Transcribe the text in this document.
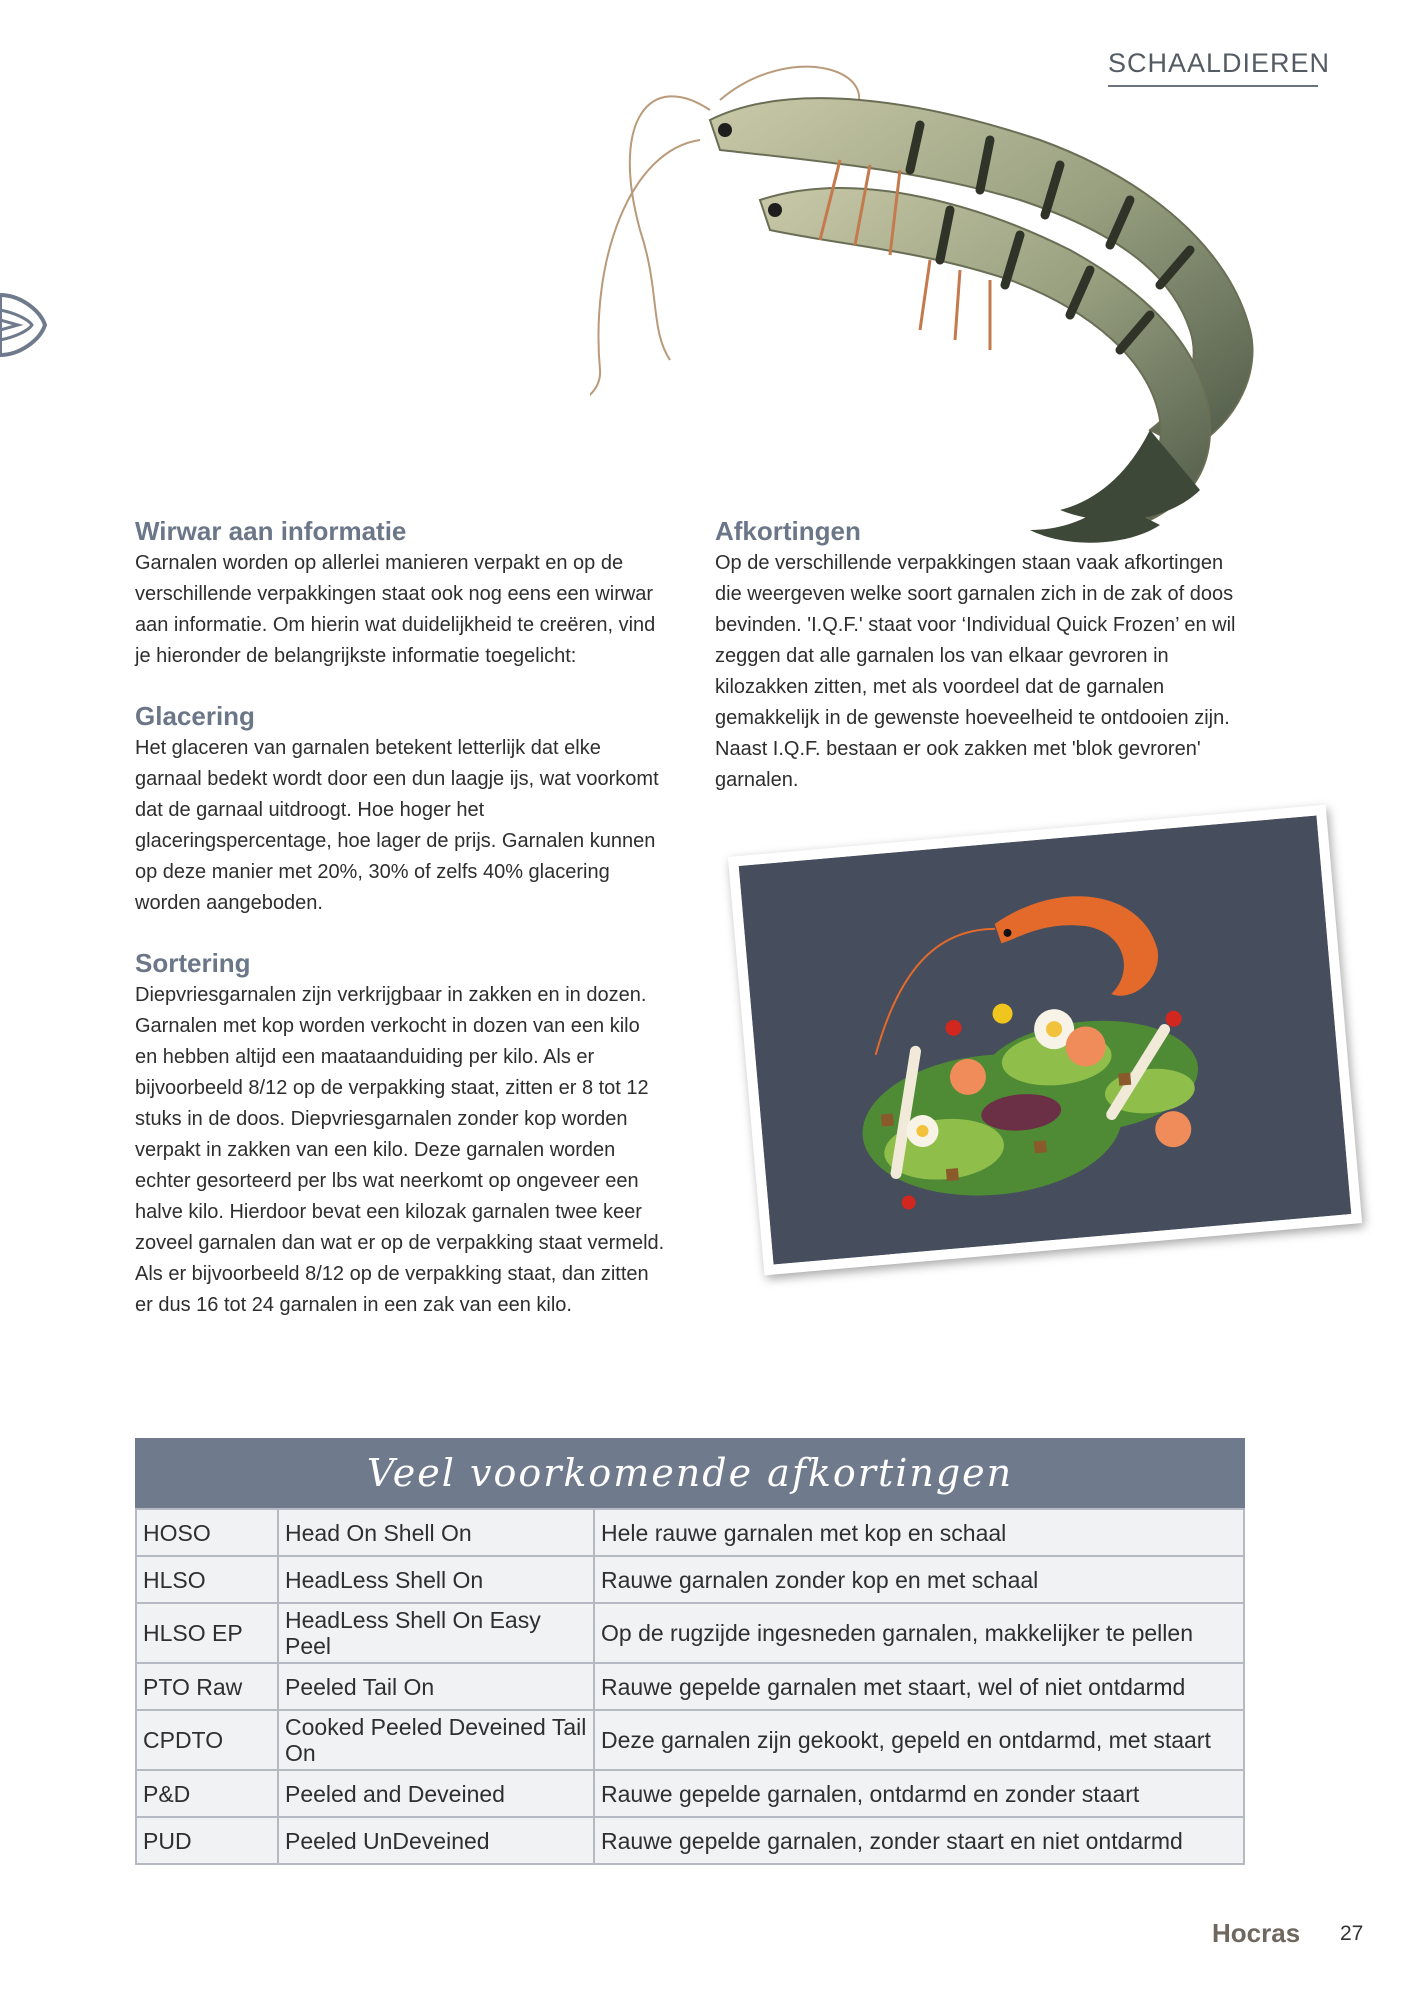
SCHAALDIEREN
Wirwar aan informatie

Garnalen worden op allerlei manieren verpakt en op de verschillende verpakkingen staat ook nog eens een wirwar aan informatie. Om hierin wat duidelijkheid te creëren, vind je hieronder de belangrijkste informatie toegelicht:

Glacering

Het glaceren van garnalen betekent letterlijk dat elke garnaal bedekt wordt door een dun laagje ijs, wat voorkomt dat de garnaal uitdroogt. Hoe hoger het glaceringspercentage, hoe lager de prijs. Garnalen kunnen op deze manier met 20%, 30% of zelfs 40% glacering worden aangeboden.

Sortering

Diepvriesgarnalen zijn verkrijgbaar in zakken en in dozen. Garnalen met kop worden verkocht in dozen van een kilo en hebben altijd een maataanduiding per kilo. Als er bijvoorbeeld 8/12 op de verpakking staat, zitten er 8 tot 12 stuks in de doos. Diepvriesgarnalen zonder kop worden verpakt in zakken van een kilo. Deze garnalen worden echter gesorteerd per lbs wat neerkomt op ongeveer een halve kilo. Hierdoor bevat een kilozak garnalen twee keer zoveel garnalen dan wat er op de verpakking staat vermeld. Als er bijvoorbeeld 8/12 op de verpakking staat, dan zitten er dus 16 tot 24 garnalen in een zak van een kilo.

Afkortingen

Op de verschillende verpakkingen staan vaak afkortingen die weergeven welke soort garnalen zich in de zak of doos bevinden. 'I.Q.F.' staat voor ‘Individual Quick Frozen’ en wil zeggen dat alle garnalen los van elkaar gevroren in kilozakken zitten, met als voordeel dat de garnalen gemakkelijk in de gewenste hoeveelheid te ontdooien zijn. Naast I.Q.F. bestaan er ook zakken met 'blok gevroren' garnalen.

Veel voorkomende afkortingen
HOSO	Head On Shell On	Hele rauwe garnalen met kop en schaal
HLSO	HeadLess Shell On	Rauwe garnalen zonder kop en met schaal
HLSO EP	HeadLess Shell On Easy Peel	Op de rugzijde ingesneden garnalen, makkelijker te pellen
PTO Raw	Peeled Tail On	Rauwe gepelde garnalen met staart, wel of niet ontdarmd
CPDTO	Cooked Peeled Deveined Tail On	Deze garnalen zijn gekookt, gepeld en ontdarmd, met staart
P&D	Peeled and Deveined	Rauwe gepelde garnalen, ontdarmd en zonder staart
PUD	Peeled UnDeveined	Rauwe gepelde garnalen, zonder staart en niet ontdarmd
Hocras 27
